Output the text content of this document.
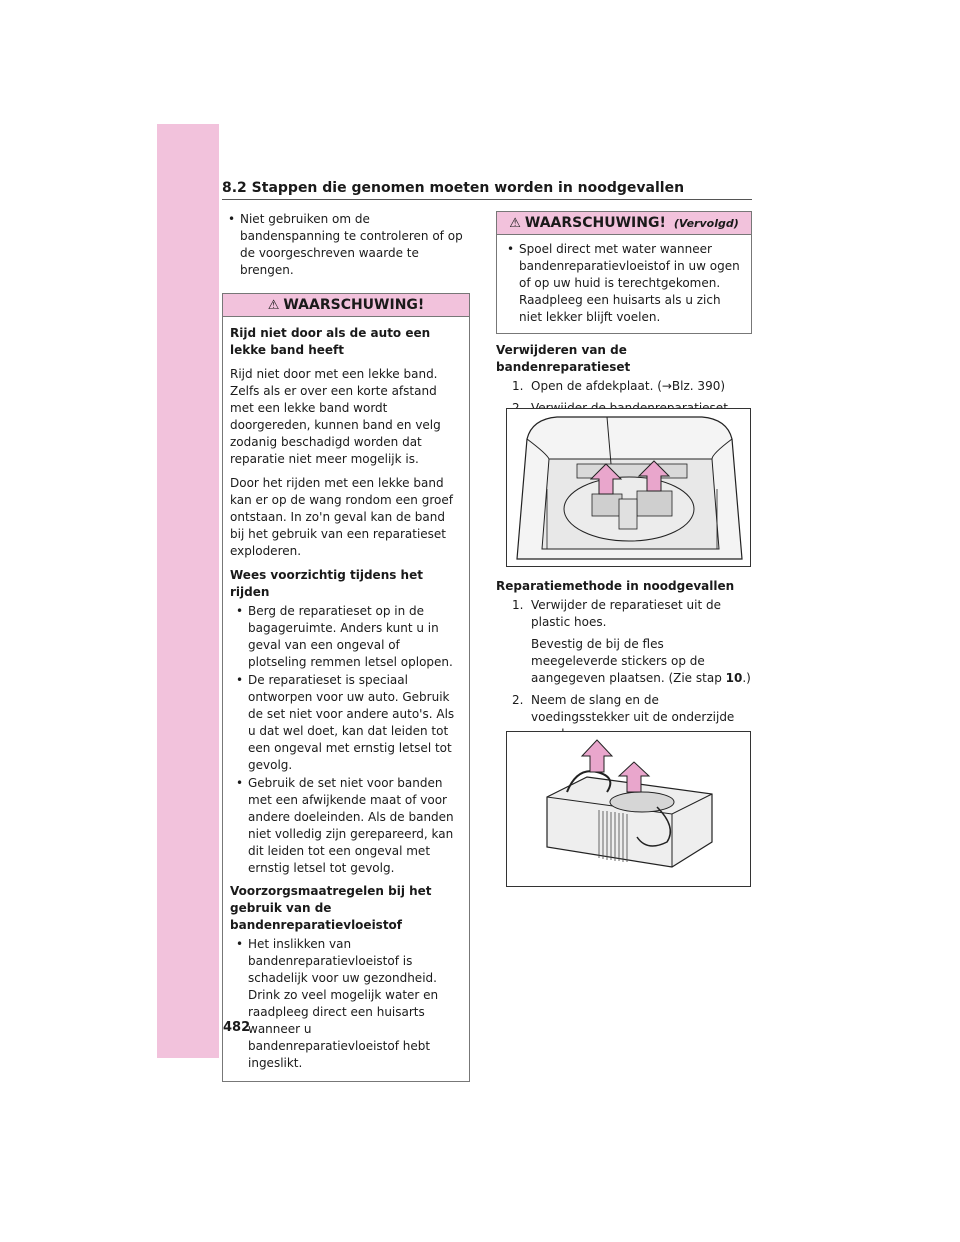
8.2 Stappen die genomen moeten worden in noodgevallen
• Niet gebruiken om de bandenspanning te controleren of op de voorgeschreven waarde te brengen.
⚠ WAARSCHUWING!

Rijd niet door als de auto een lekke band heeft

Rijd niet door met een lekke band. Zelfs als er over een korte afstand met een lekke band wordt doorgereden, kunnen band en velg zodanig beschadigd worden dat reparatie niet meer mogelijk is.

Door het rijden met een lekke band kan er op de wang rondom een groef ontstaan. In zo'n geval kan de band bij het gebruik van een reparatieset exploderen.

Wees voorzichtig tijdens het rijden
• Berg de reparatieset op in de bagageruimte. Anders kunt u in geval van een ongeval of plotseling remmen letsel oplopen.
• De reparatieset is speciaal ontworpen voor uw auto. Gebruik de set niet voor andere auto's. Als u dat wel doet, kan dat leiden tot een ongeval met ernstig letsel tot gevolg.
• Gebruik de set niet voor banden met een afwijkende maat of voor andere doeleinden. Als de banden niet volledig zijn gerepareerd, kan dit leiden tot een ongeval met ernstig letsel tot gevolg.
Voorzorgsmaatregelen bij het gebruik van de bandenreparatievloeistof
• Het inslikken van bandenreparatievloeistof is schadelijk voor uw gezondheid. Drink zo veel mogelijk water en raadpleeg direct een huisarts wanneer u bandenreparatievloeistof hebt ingeslikt.
⚠ WAARSCHUWING! (Vervolgd)
• Spoel direct met water wanneer bandenreparatievloeistof in uw ogen of op uw huid is terechtgekomen. Raadpleeg een huisarts als u zich niet lekker blijft voelen.
Verwijderen van de bandenreparatieset
1. Open de afdekplaat. (→Blz. 390)
Reparatiemethode in noodgevallen
1. Verwijder de reparatieset uit de plastic hoes.
Bevestig de bij de fles meegeleverde stickers op de aangegeven plaatsen. (Zie stap 10.)
2. Neem de slang en de voedingsstekker uit de onderzijde
482
